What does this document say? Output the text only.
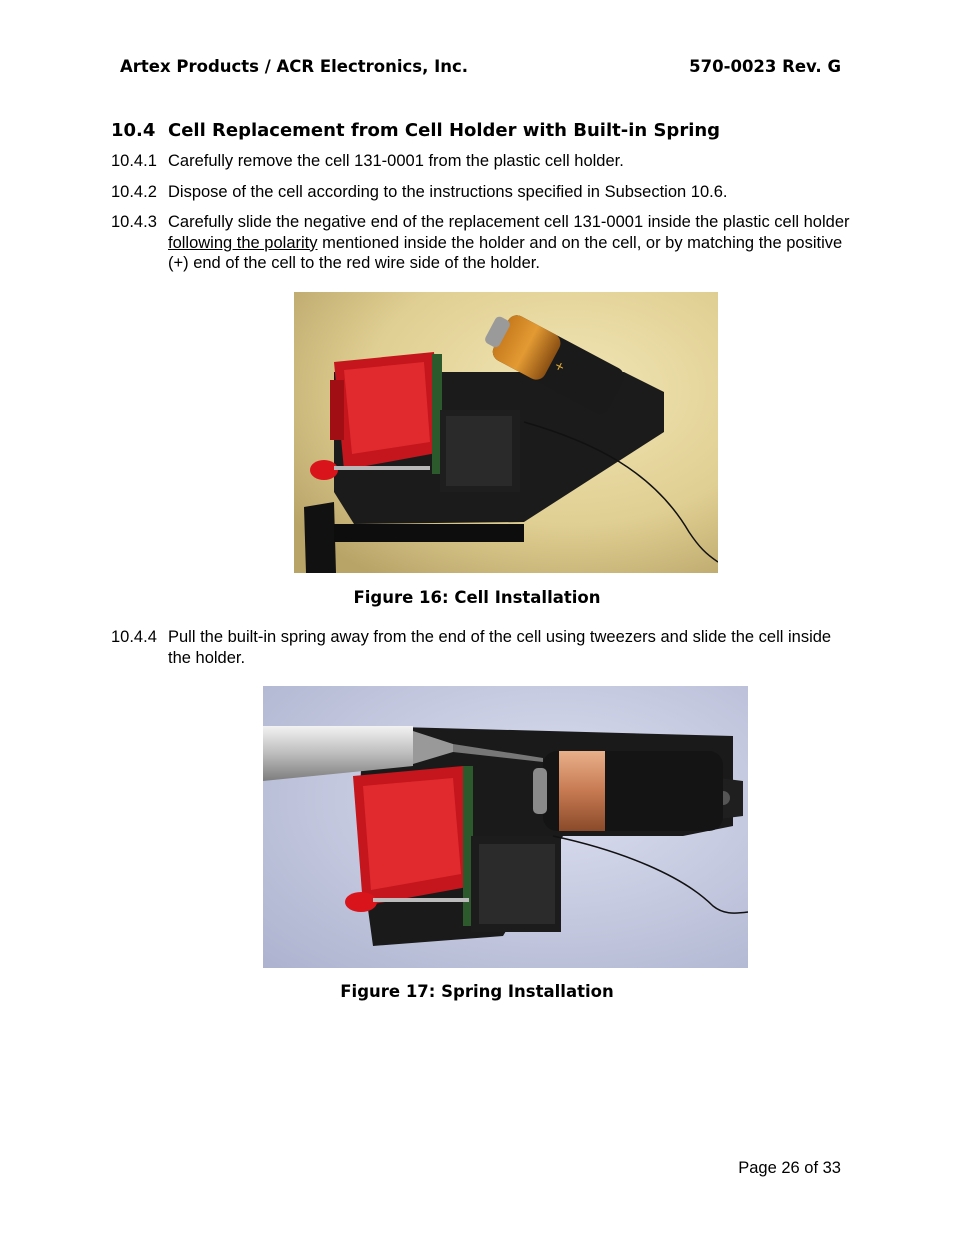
Artex Products / ACR Electronics, Inc.	570-0023 Rev. G
10.4 Cell Replacement from Cell Holder with Built-in Spring
10.4.1 Carefully remove the cell 131-0001 from the plastic cell holder.
10.4.2 Dispose of the cell according to the instructions specified in Subsection 10.6.
10.4.3 Carefully slide the negative end of the replacement cell 131-0001 inside the plastic cell holder following the polarity mentioned inside the holder and on the cell, or by matching the positive (+) end of the cell to the red wire side of the holder.
+
Figure 16: Cell Installation
10.4.4 Pull the built-in spring away from the end of the cell using tweezers and slide the cell inside the holder.
Figure 17: Spring Installation
Page 26 of 33
